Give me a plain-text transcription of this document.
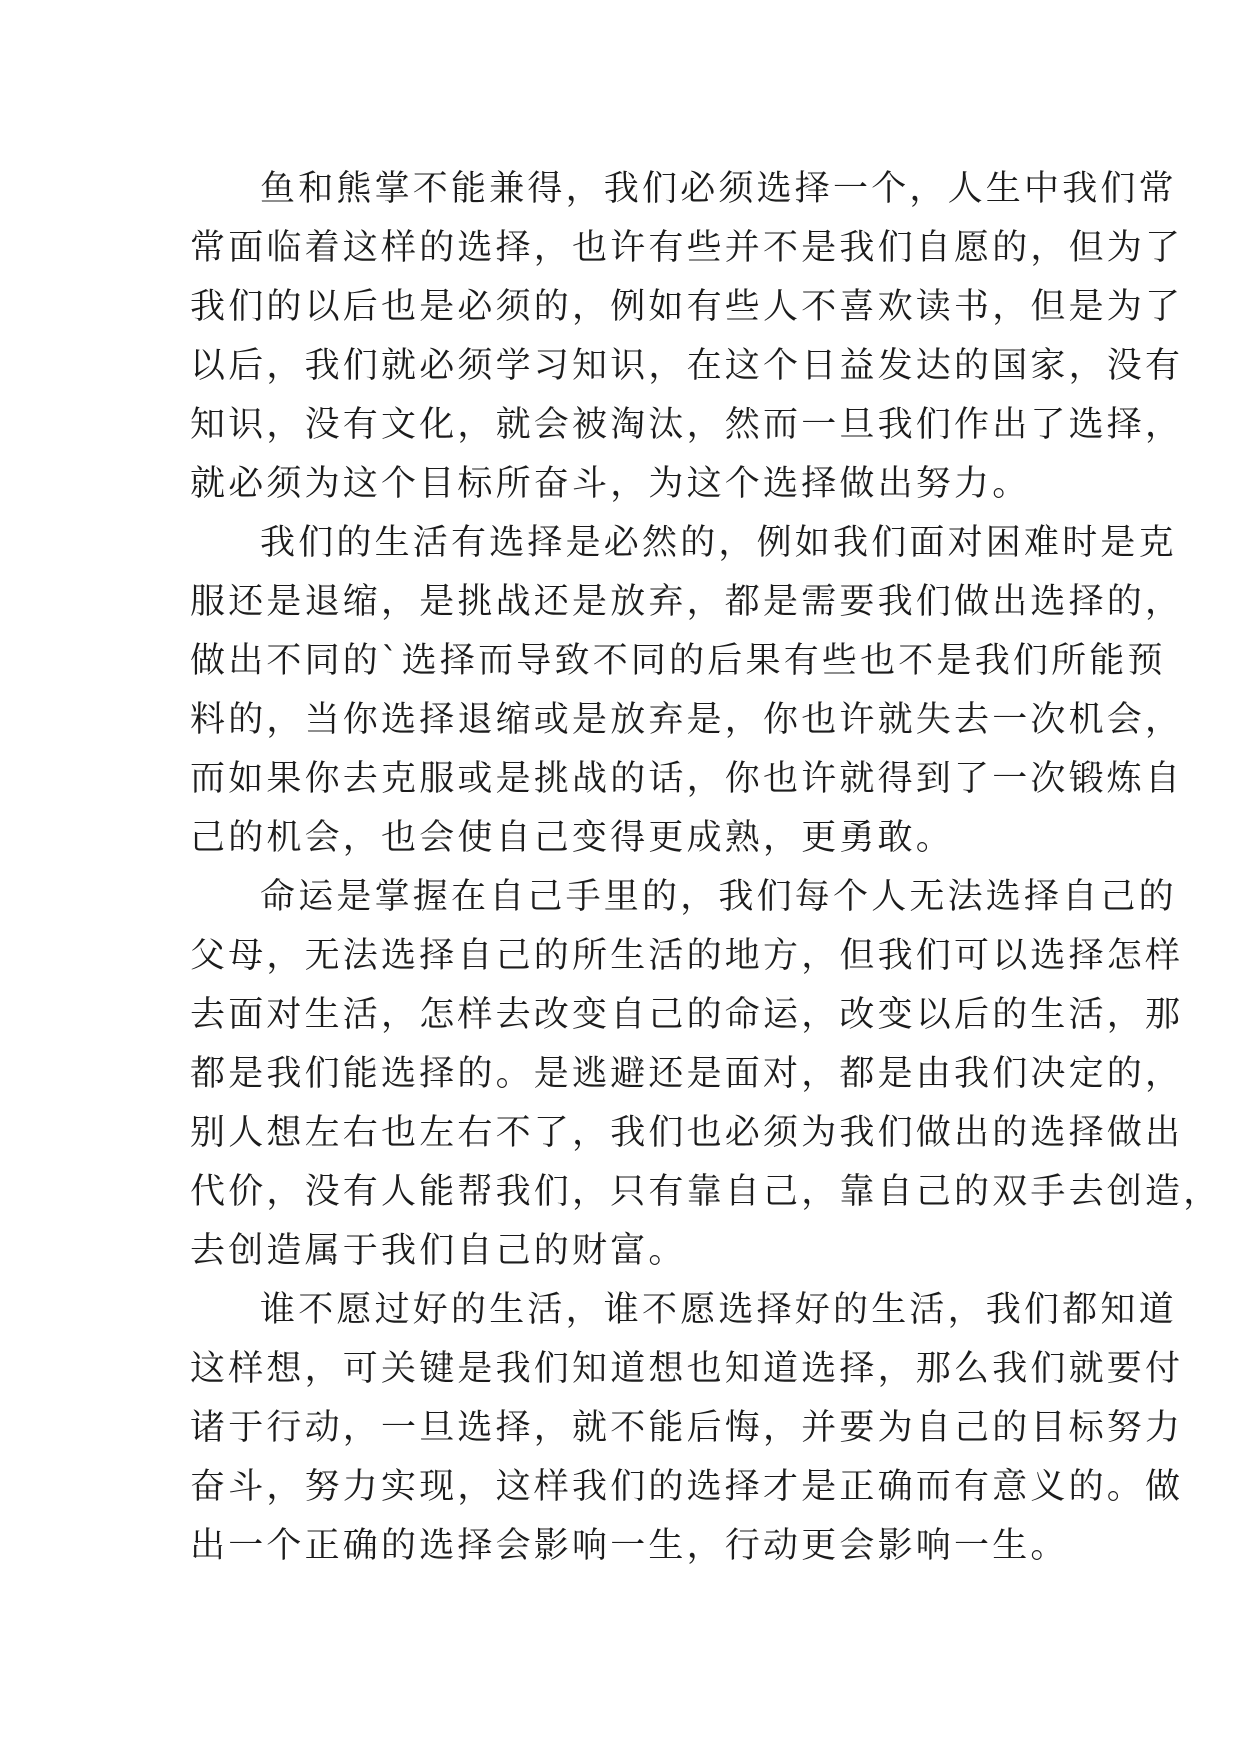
鱼和熊掌不能兼得，我们必须选择一个，人生中我们常
常面临着这样的选择，也许有些并不是我们自愿的，但为了
我们的以后也是必须的，例如有些人不喜欢读书，但是为了
以后，我们就必须学习知识，在这个日益发达的国家，没有
知识，没有文化，就会被淘汰，然而一旦我们作出了选择，
就必须为这个目标所奋斗，为这个选择做出努力。
我们的生活有选择是必然的，例如我们面对困难时是克
服还是退缩，是挑战还是放弃，都是需要我们做出选择的，
做出不同的`选择而导致不同的后果有些也不是我们所能预
料的，当你选择退缩或是放弃是，你也许就失去一次机会，
而如果你去克服或是挑战的话，你也许就得到了一次锻炼自
己的机会，也会使自己变得更成熟，更勇敢。
命运是掌握在自己手里的，我们每个人无法选择自己的
父母，无法选择自己的所生活的地方，但我们可以选择怎样
去面对生活，怎样去改变自己的命运，改变以后的生活，那
都是我们能选择的。是逃避还是面对，都是由我们决定的，
别人想左右也左右不了，我们也必须为我们做出的选择做出
代价，没有人能帮我们，只有靠自己，靠自己的双手去创造，
去创造属于我们自己的财富。
谁不愿过好的生活，谁不愿选择好的生活，我们都知道
这样想，可关键是我们知道想也知道选择，那么我们就要付
诸于行动，一旦选择，就不能后悔，并要为自己的目标努力
奋斗，努力实现，这样我们的选择才是正确而有意义的。做
出一个正确的选择会影响一生，行动更会影响一生。
